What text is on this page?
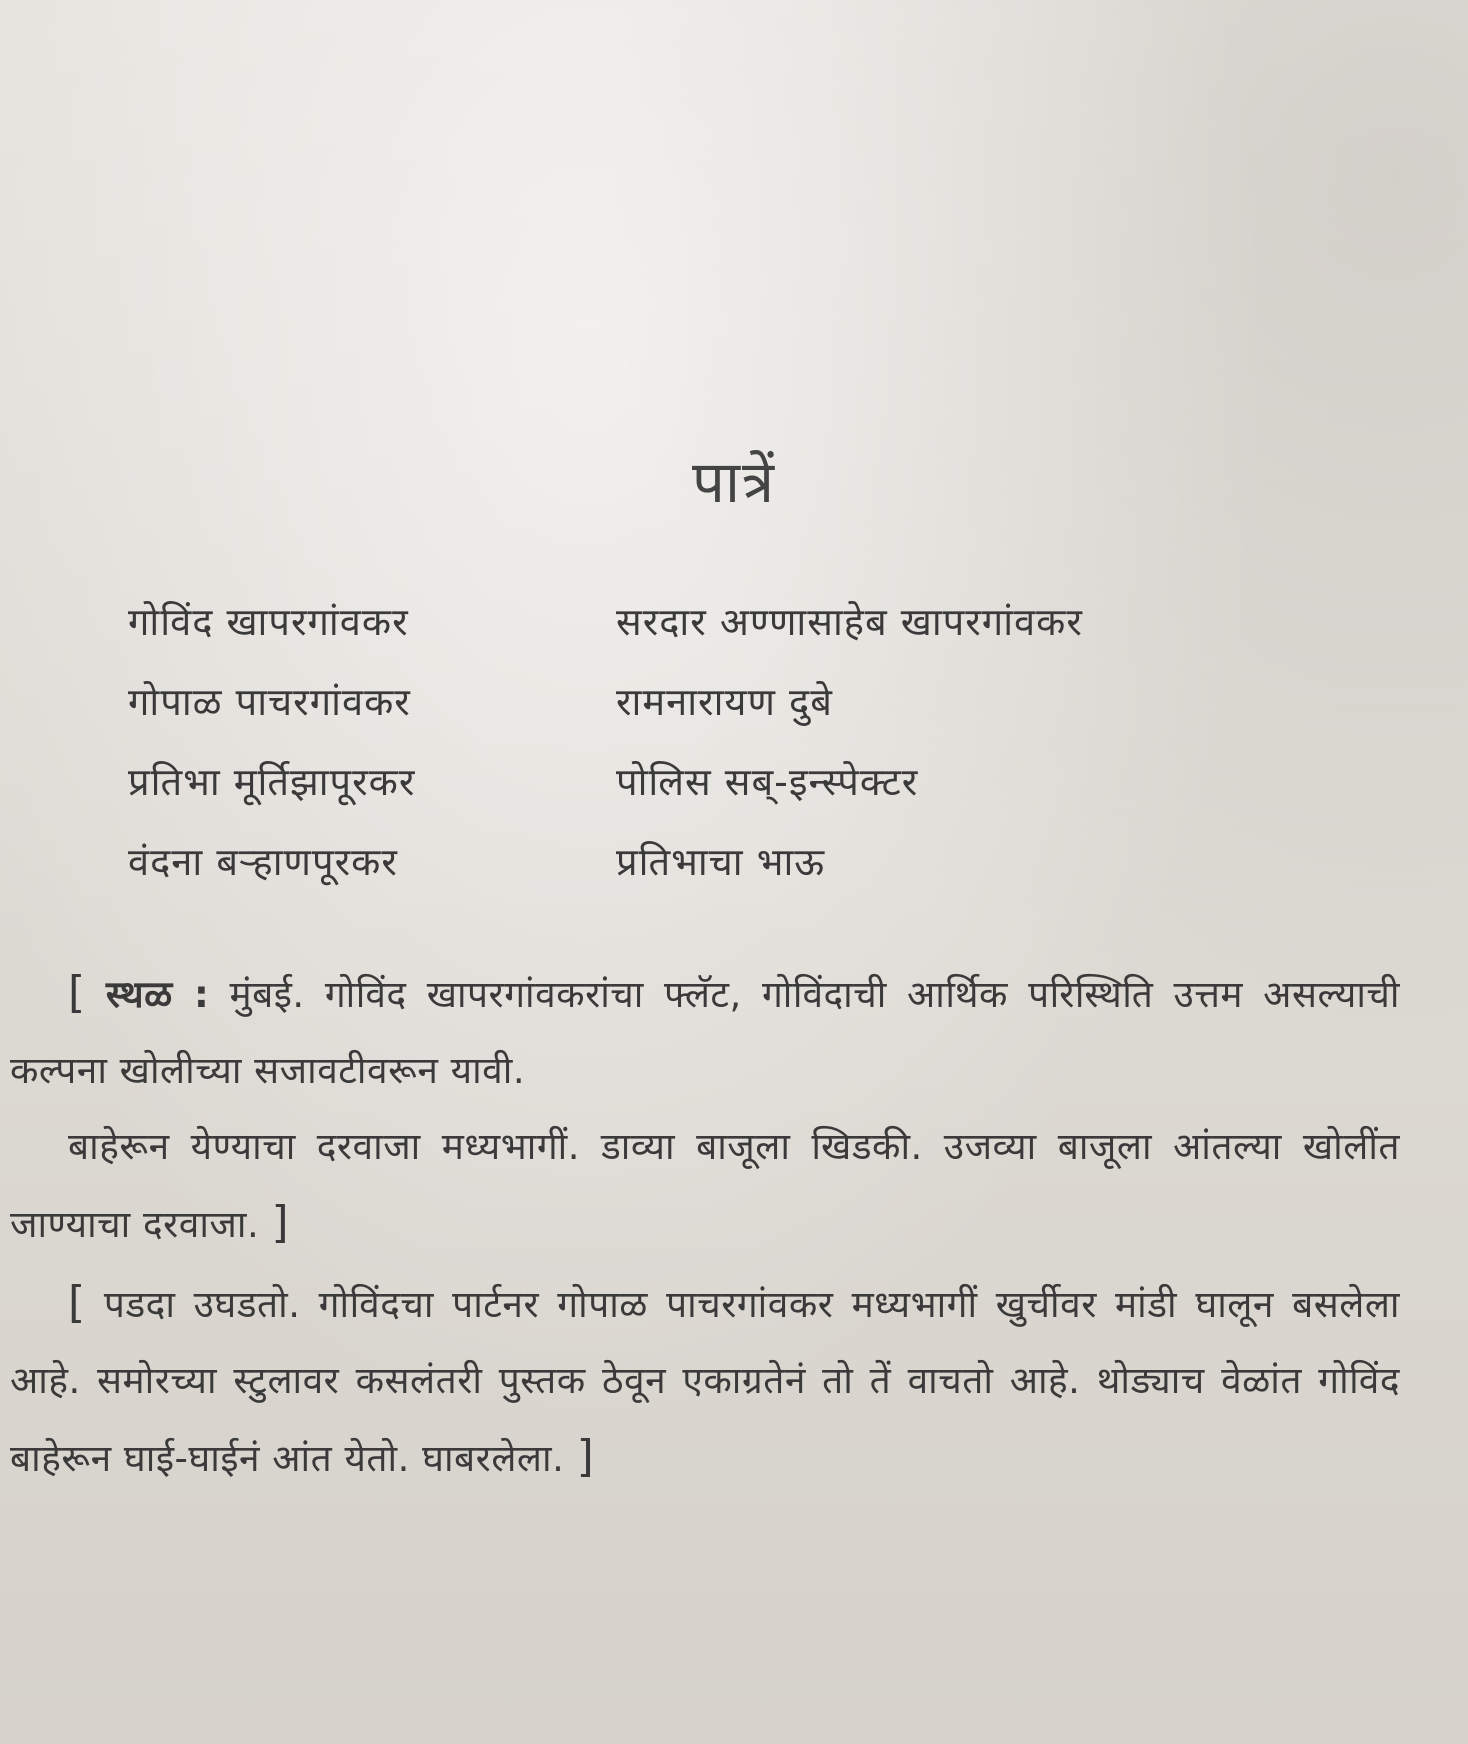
पात्रें
गोविंद खापरगांवकर	सरदार अण्णासाहेब खापरगांवकर
गोपाळ पाचरगांवकर	रामनारायण दुबे
प्रतिभा मूर्तिझापूरकर	पोलिस सब्-इन्स्पेक्टर
वंदना बऱ्हाणपूरकर	प्रतिभाचा भाऊ

[ स्थळ : मुंबई. गोविंद खापरगांवकरांचा फ्लॅट, गोविंदाची आर्थिक परिस्थिति उत्तम असल्याची कल्पना खोलीच्या सजावटीवरून यावी.

बाहेरून येण्याचा दरवाजा मध्यभागीं. डाव्या बाजूला खिडकी. उजव्या बाजूला आंतल्या खोलींत जाण्याचा दरवाजा. ]

[ पडदा उघडतो. गोविंदचा पार्टनर गोपाळ पाचरगांवकर मध्यभागीं खुर्चीवर मांडी घालून बसलेला आहे. समोरच्या स्टुलावर कसलंतरी पुस्तक ठेवून एकाग्रतेनं तो तें वाचतो आहे. थोड्याच वेळांत गोविंद बाहेरून घाई-घाईनं आंत येतो. घाबरलेला. ]
